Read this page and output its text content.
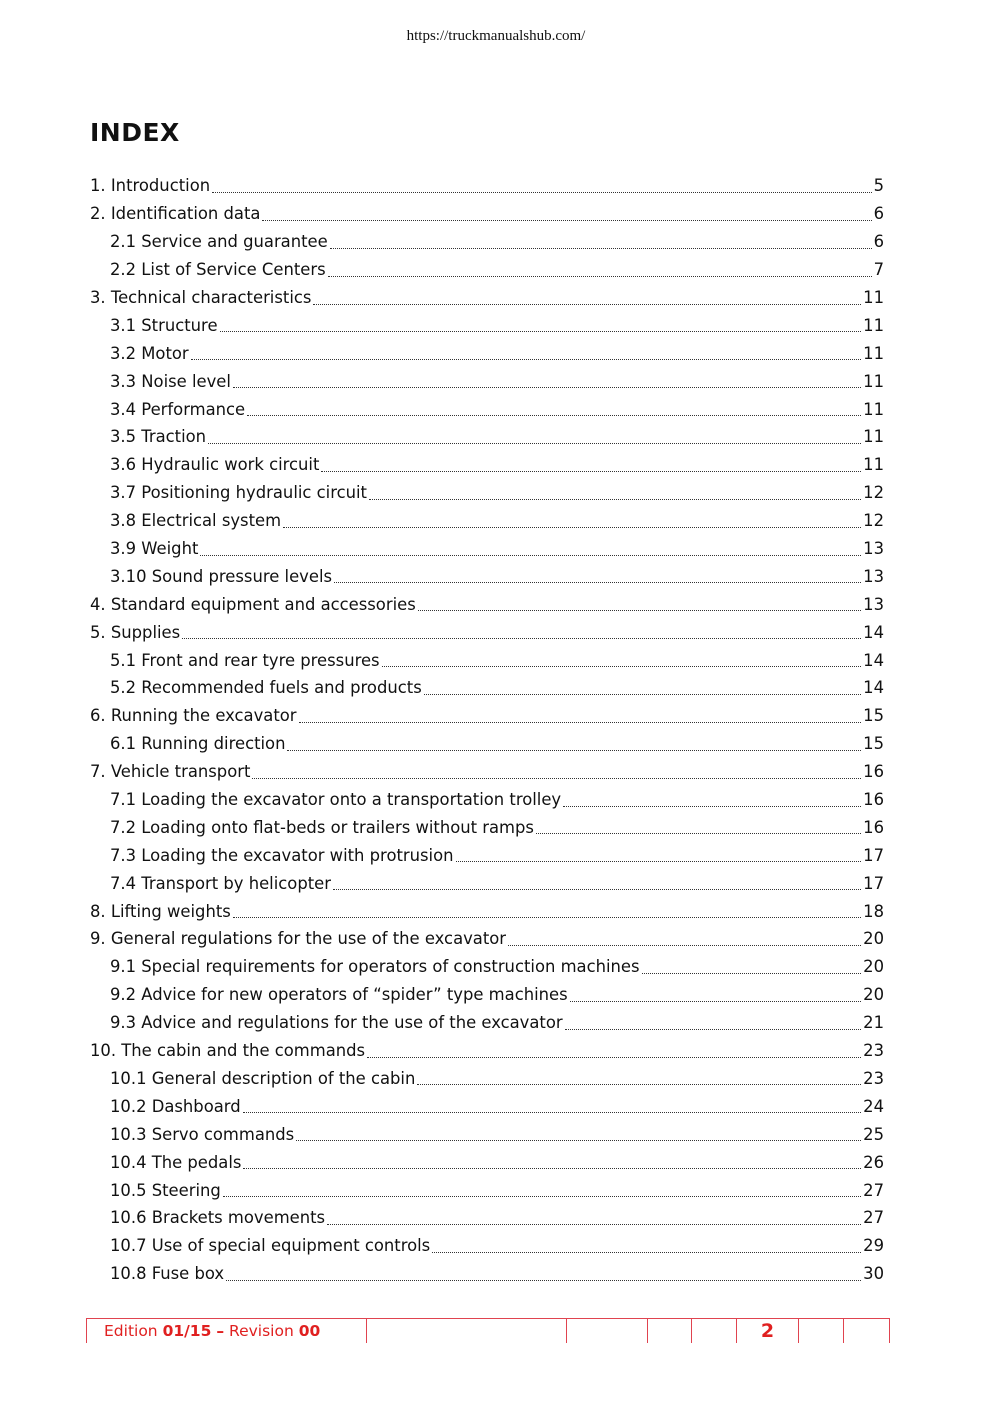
https://truckmanualshub.com/
INDEX
1. Introduction	5
2. Identification data	6
2.1 Service and guarantee	6
2.2 List of Service Centers	7
3. Technical characteristics	11
3.1 Structure	11
3.2 Motor	11
3.3 Noise level	11
3.4 Performance	11
3.5 Traction	11
3.6 Hydraulic work circuit	11
3.7 Positioning hydraulic circuit	12
3.8 Electrical system	12
3.9 Weight	13
3.10 Sound pressure levels	13
4. Standard equipment and accessories	13
5. Supplies	14
5.1 Front and rear tyre pressures	14
5.2 Recommended fuels and products	14
6. Running the excavator	15
6.1 Running direction	15
7. Vehicle transport	16
7.1 Loading the excavator onto a transportation trolley	16
7.2 Loading onto flat-beds or trailers without ramps	16
7.3 Loading the excavator with protrusion	17
7.4 Transport by helicopter	17
8. Lifting weights	18
9. General regulations for the use of the excavator	20
9.1 Special requirements for operators of construction machines	20
9.2 Advice for new operators of “spider” type machines	20
9.3 Advice and regulations for the use of the excavator	21
10. The cabin and the commands	23
10.1 General description of the cabin	23
10.2 Dashboard	24
10.3 Servo commands	25
10.4 The pedals	26
10.5 Steering	27
10.6 Brackets movements	27
10.7 Use of special equipment controls	29
10.8 Fuse box	30
Edition 01/15 – Revision 00	2
